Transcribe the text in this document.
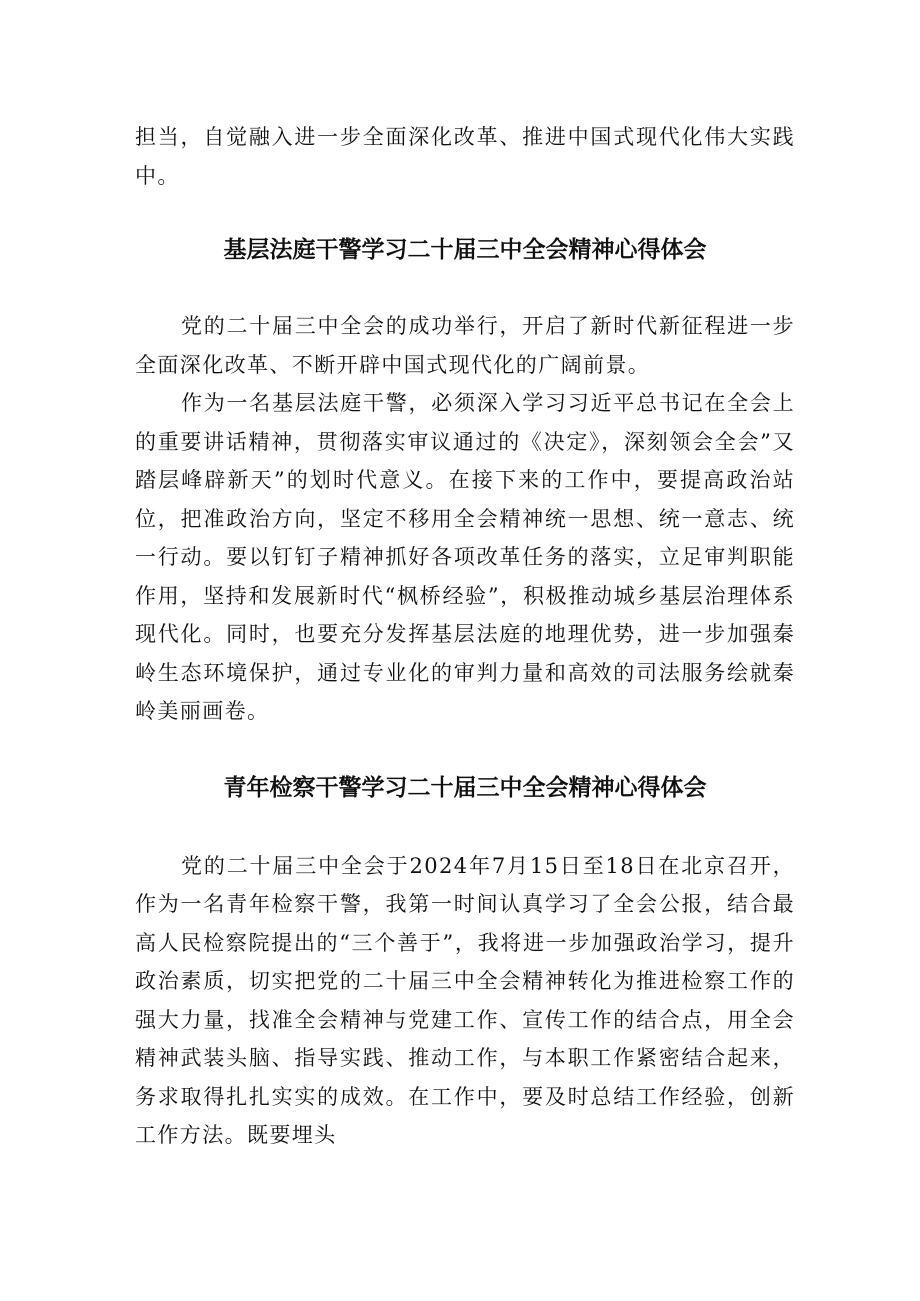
担当，自觉融入进一步全面深化改革、推进中国式现代化伟大实践中。

基层法庭干警学习二十届三中全会精神心得体会

党的二十届三中全会的成功举行，开启了新时代新征程进一步全面深化改革、不断开辟中国式现代化的广阔前景。

作为一名基层法庭干警，必须深入学习习近平总书记在全会上的重要讲话精神，贯彻落实审议通过的《决定》，深刻领会全会”又踏层峰辟新天”的划时代意义。在接下来的工作中，要提高政治站位，把准政治方向，坚定不移用全会精神统一思想、统一意志、统一行动。要以钉钉子精神抓好各项改革任务的落实，立足审判职能作用，坚持和发展新时代“枫桥经验”，积极推动城乡基层治理体系现代化。同时，也要充分发挥基层法庭的地理优势，进一步加强秦岭生态环境保护，通过专业化的审判力量和高效的司法服务绘就秦岭美丽画卷。

青年检察干警学习二十届三中全会精神心得体会

党的二十届三中全会于2024年7月15日至18日在北京召开，作为一名青年检察干警，我第一时间认真学习了全会公报，结合最高人民检察院提出的“三个善于”，我将进一步加强政治学习，提升政治素质，切实把党的二十届三中全会精神转化为推进检察工作的强大力量，找准全会精神与党建工作、宣传工作的结合点，用全会精神武装头脑、指导实践、推动工作，与本职工作紧密结合起来，务求取得扎扎实实的成效。在工作中，要及时总结工作经验，创新工作方法。既要埋头
